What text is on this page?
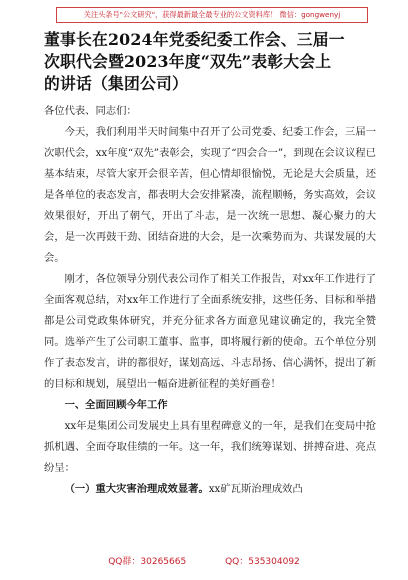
关注头条号"公文研究"，获得最新最全最专业的公文资料库！ 微信：gongwenyj
董事长在2024年党委纪委工作会、三届一
次职代会暨2023年度“双先”表彰大会上
的讲话（集团公司）
各位代表、同志们：
今天，我们利用半天时间集中召开了公司党委、纪委工作会，三届一次职代会，xx年度“双先”表彰会，实现了“四会合一”，到现在会议议程已基本结束，尽管大家开会很辛苦，但心情却很愉悦，无论是大会质量，还是各单位的表态发言，都表明大会安排紧凑，流程顺畅，务实高效，会议效果很好，开出了朝气，开出了斗志，是一次统一思想、凝心聚力的大会，是一次再鼓干劲、团结奋进的大会，是一次乘势而为、共谋发展的大会。
刚才，各位领导分别代表公司作了相关工作报告，对xx年工作进行了全面客观总结，对xx年工作进行了全面系统安排，这些任务、目标和举措都是公司党政集体研究，并充分征求各方面意见建议确定的，我完全赞同。选举产生了公司职工董事、监事，即将履行新的使命。五个单位分别作了表态发言，讲的都很好，谋划高远、斗志昂扬、信心满怀，提出了新的目标和规划，展望出一幅奋进新征程的美好画卷！
一、全面回顾今年工作
xx年是集团公司发展史上具有里程碑意义的一年，是我们在变局中抢抓机遇、全面夺取佳绩的一年。这一年，我们统筹谋划、拼搏奋进、亮点纷呈：
（一）重大灾害治理成效显著。xx矿瓦斯治理成效凸
QQ群：30265665	QQ：535304092
